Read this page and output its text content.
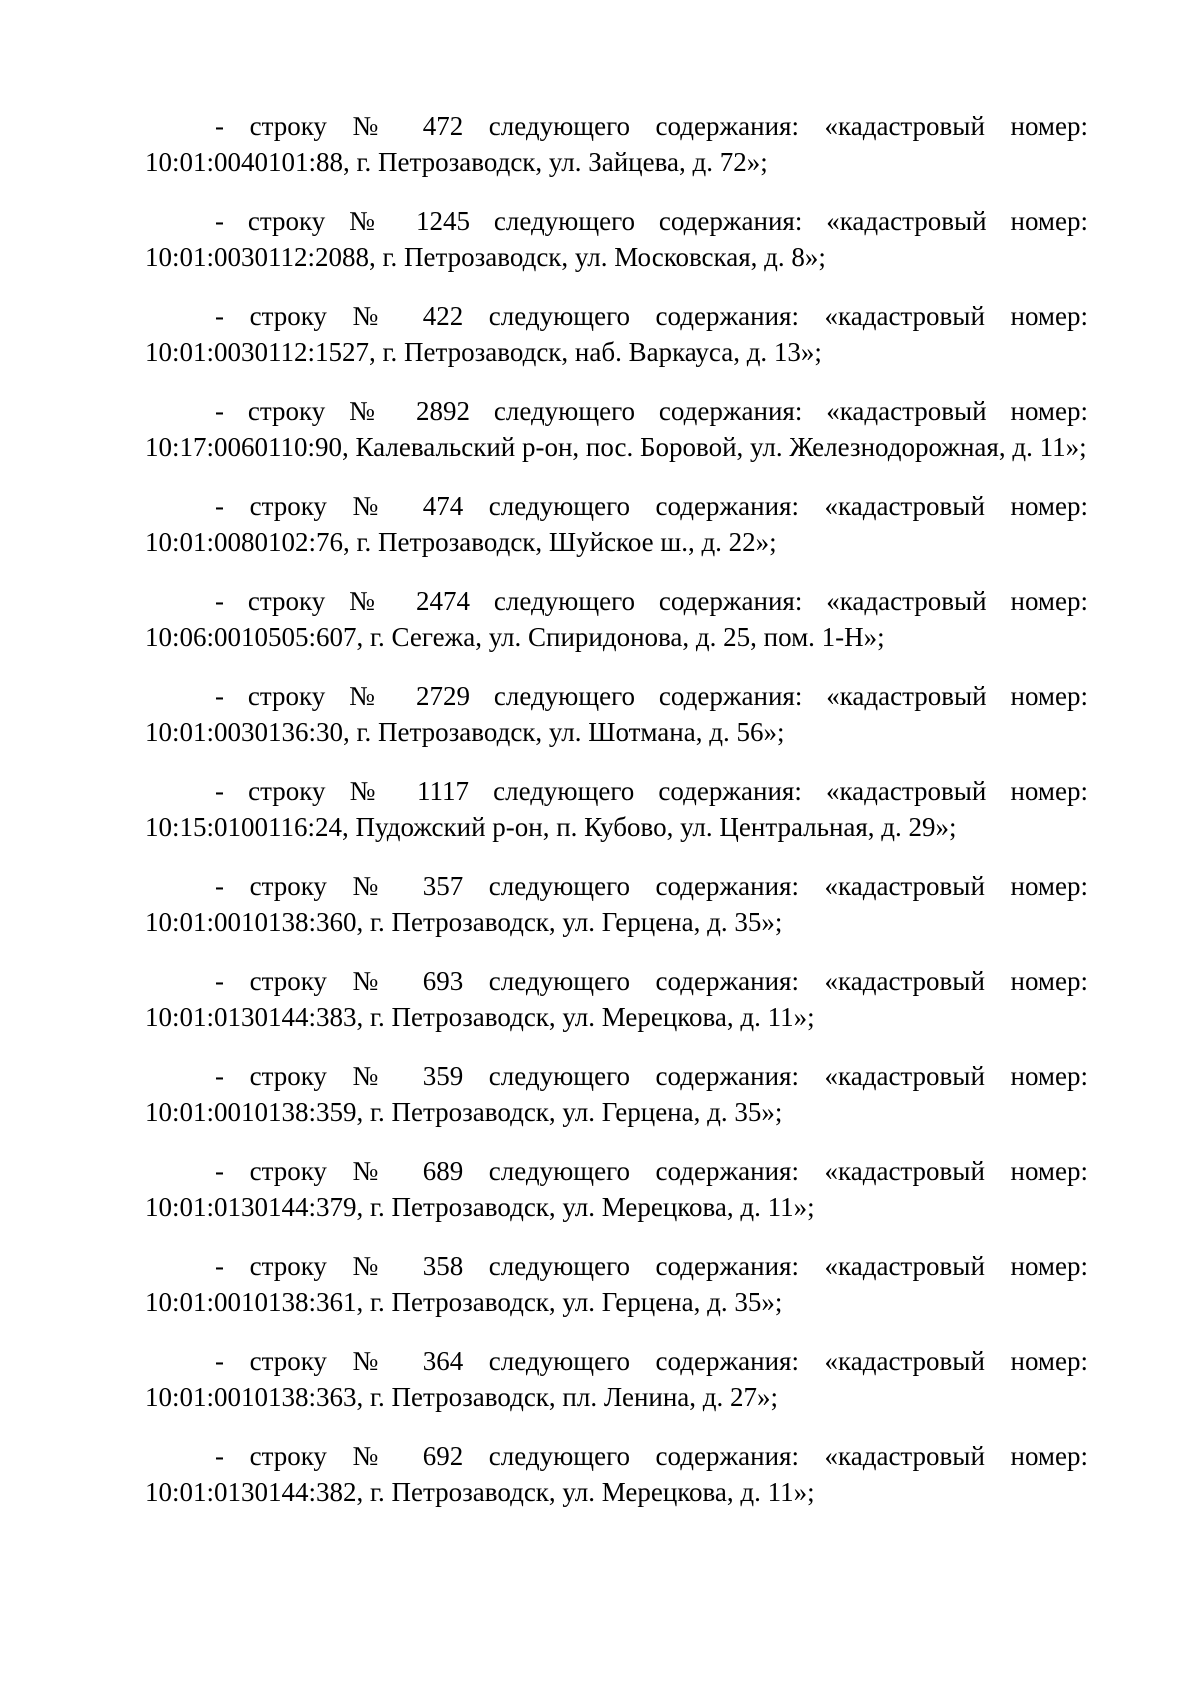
- строку № 472 следующего содержания: «кадастровый номер: 10:01:0040101:88, г. Петрозаводск, ул. Зайцева, д. 72»;

- строку № 1245 следующего содержания: «кадастровый номер: 10:01:0030112:2088, г. Петрозаводск, ул. Московская, д. 8»;

- строку № 422 следующего содержания: «кадастровый номер: 10:01:0030112:1527, г. Петрозаводск, наб. Варкауса, д. 13»;

- строку № 2892 следующего содержания: «кадастровый номер: 10:17:0060110:90, Калевальский р-он, пос. Боровой, ул. Железнодорожная, д. 11»;

- строку № 474 следующего содержания: «кадастровый номер: 10:01:0080102:76, г. Петрозаводск, Шуйское ш., д. 22»;

- строку № 2474 следующего содержания: «кадастровый номер: 10:06:0010505:607, г. Сегежа, ул. Спиридонова, д. 25, пом. 1-Н»;

- строку № 2729 следующего содержания: «кадастровый номер: 10:01:0030136:30, г. Петрозаводск, ул. Шотмана, д. 56»;

- строку № 1117 следующего содержания: «кадастровый номер: 10:15:0100116:24, Пудожский р-он, п. Кубово, ул. Центральная, д. 29»;

- строку № 357 следующего содержания: «кадастровый номер: 10:01:0010138:360, г. Петрозаводск, ул. Герцена, д. 35»;

- строку № 693 следующего содержания: «кадастровый номер: 10:01:0130144:383, г. Петрозаводск, ул. Мерецкова, д. 11»;

- строку № 359 следующего содержания: «кадастровый номер: 10:01:0010138:359, г. Петрозаводск, ул. Герцена, д. 35»;

- строку № 689 следующего содержания: «кадастровый номер: 10:01:0130144:379, г. Петрозаводск, ул. Мерецкова, д. 11»;

- строку № 358 следующего содержания: «кадастровый номер: 10:01:0010138:361, г. Петрозаводск, ул. Герцена, д. 35»;

- строку № 364 следующего содержания: «кадастровый номер: 10:01:0010138:363, г. Петрозаводск, пл. Ленина, д. 27»;

- строку № 692 следующего содержания: «кадастровый номер: 10:01:0130144:382, г. Петрозаводск, ул. Мерецкова, д. 11»;
